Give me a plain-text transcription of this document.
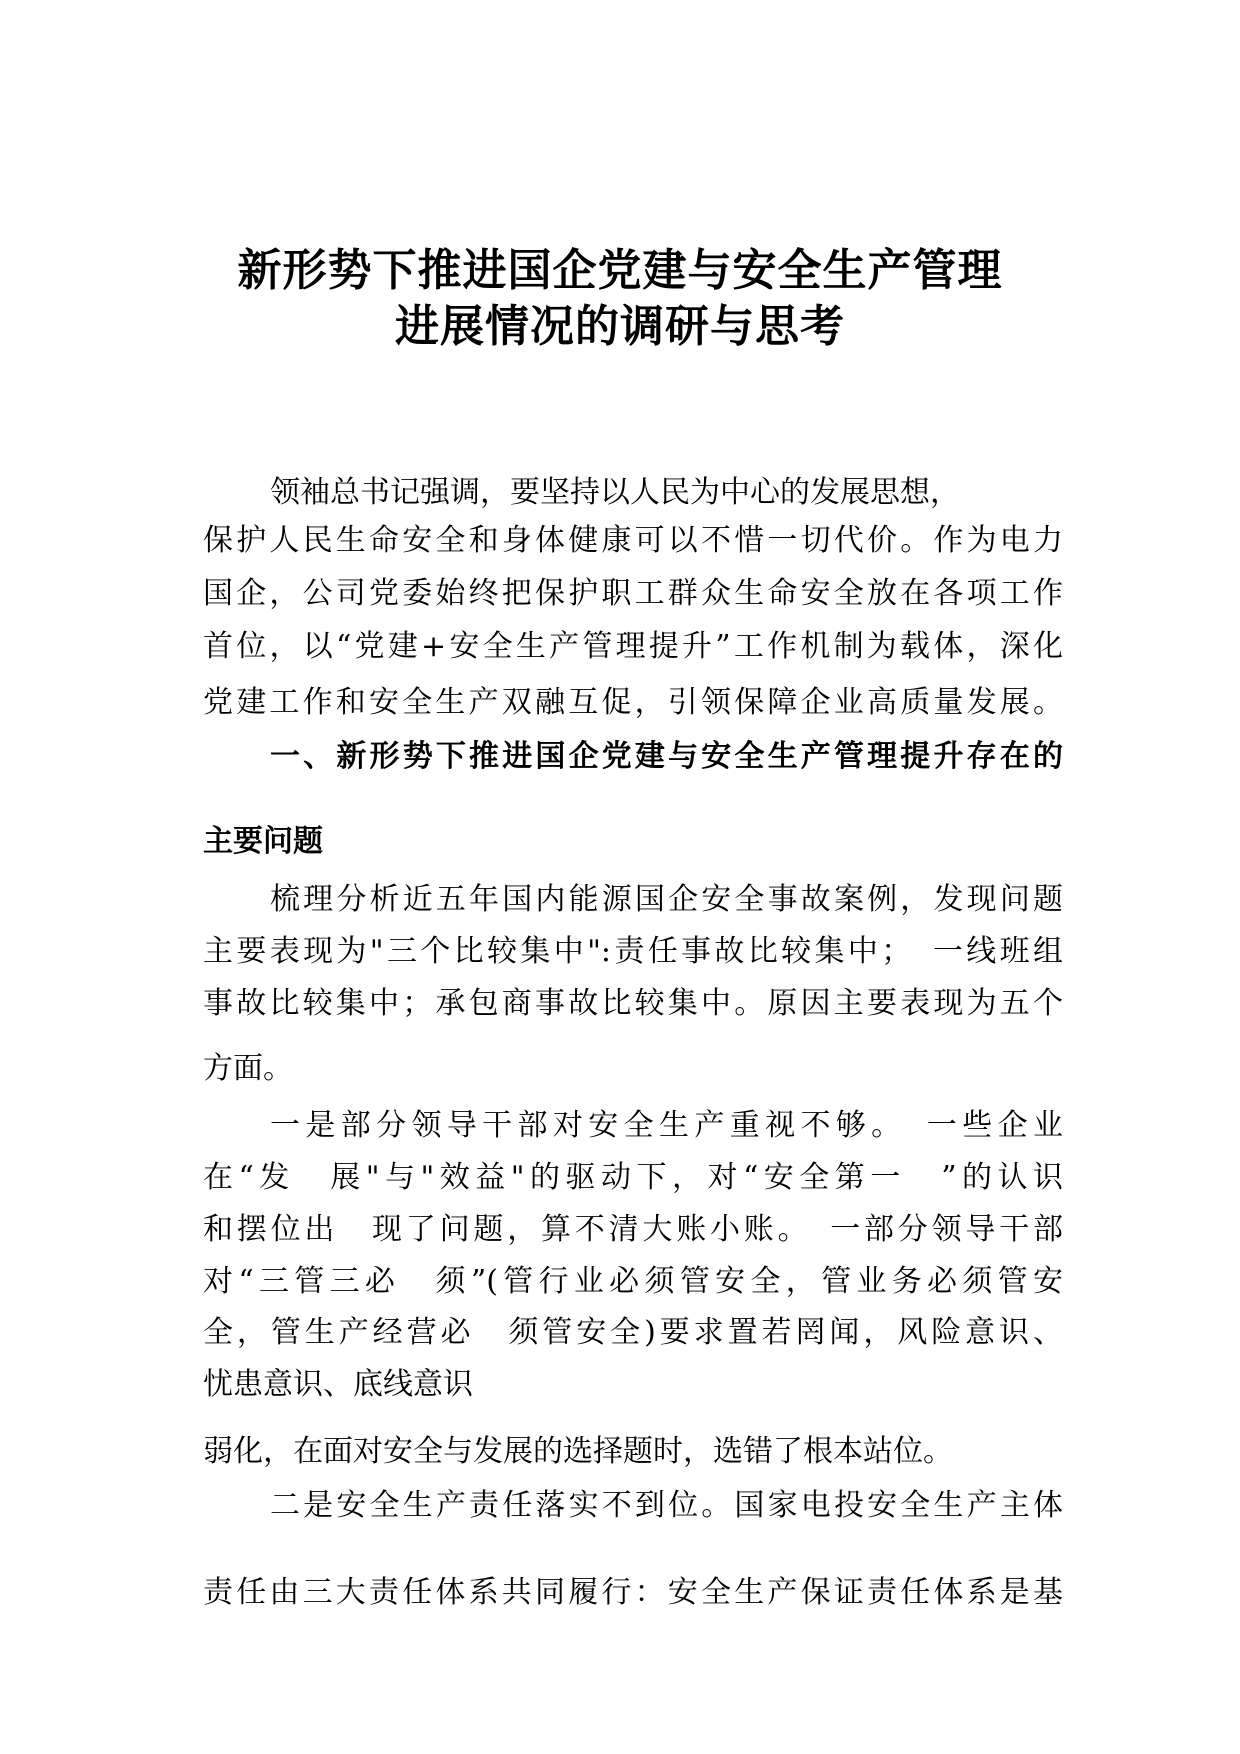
新形势下推进国企党建与安全生产管理
进展情况的调研与思考
领袖总书记强调，要坚持以人民为中心的发展思想，
保护人民生命安全和身体健康可以不惜一切代价。作为电力
国企，公司党委始终把保护职工群众生命安全放在各项工作
首位，以“党建+安全生产管理提升”工作机制为载体，深化
党建工作和安全生产双融互促，引领保障企业高质量发展。
一、新形势下推进国企党建与安全生产管理提升存在的
主要问题
梳理分析近五年国内能源国企安全事故案例，发现问题
主要表现为"三个比较集中":责任事故比较集中；　一线班组
事故比较集中；承包商事故比较集中。原因主要表现为五个
方面。
一是部分领导干部对安全生产重视不够。　一些企业
在“发　展"与"效益"的驱动下，对“安全第一　”的认识
和摆位出　现了问题，算不清大账小账。　一部分领导干部
对“三管三必　须”(管行业必须管安全，管业务必须管安
全，管生产经营必　须管安全)要求置若罔闻，风险意识、
忧患意识、底线意识
弱化，在面对安全与发展的选择题时，选错了根本站位。
二是安全生产责任落实不到位。国家电投安全生产主体
责任由三大责任体系共同履行：安全生产保证责任体系是基
